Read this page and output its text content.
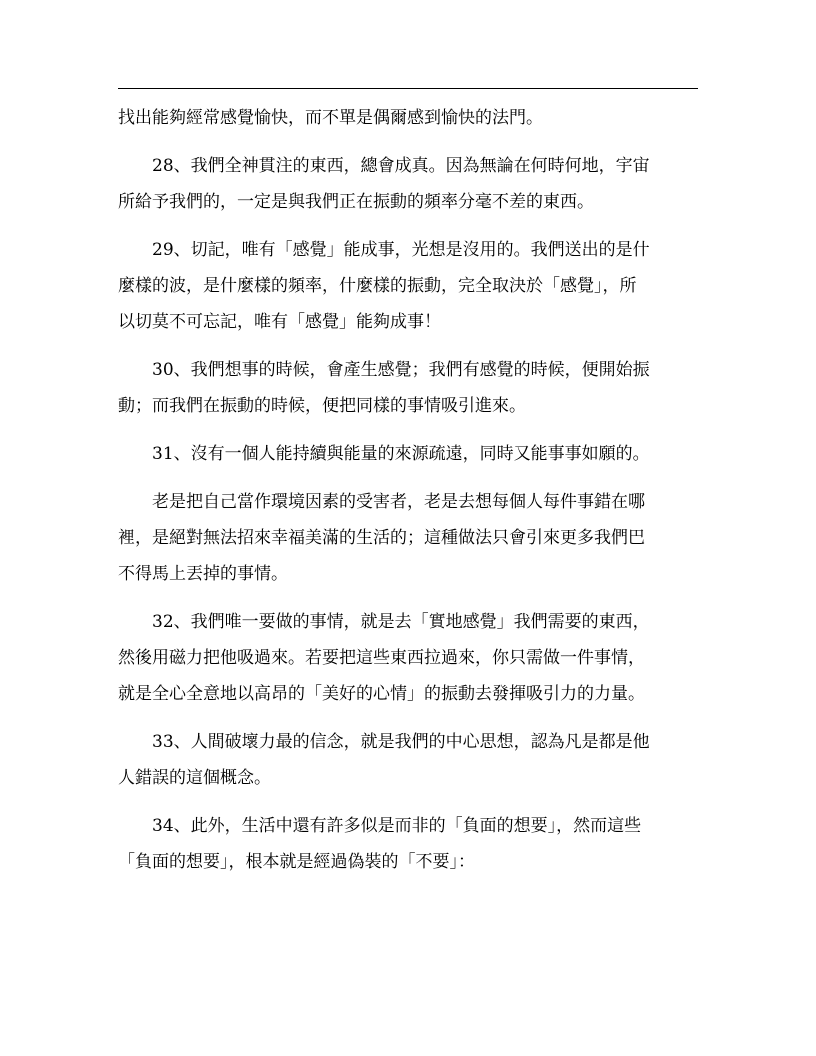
找出能夠經常感覺愉快，而不單是偶爾感到愉快的法門。

28、我們全神貫注的東西，總會成真。因為無論在何時何地，宇宙
所給予我們的，一定是與我們正在振動的頻率分毫不差的東西。

29、切記，唯有「感覺」能成事，光想是沒用的。我們送出的是什
麼樣的波，是什麼樣的頻率，什麼樣的振動，完全取決於「感覺」，所
以切莫不可忘記，唯有「感覺」能夠成事！

30、我們想事的時候，會產生感覺；我們有感覺的時候，便開始振
動；而我們在振動的時候，便把同樣的事情吸引進來。

31、沒有一個人能持續與能量的來源疏遠，同時又能事事如願的。

老是把自己當作環境因素的受害者，老是去想每個人每件事錯在哪
裡，是絕對無法招來幸福美滿的生活的；這種做法只會引來更多我們巴
不得馬上丟掉的事情。

32、我們唯一要做的事情，就是去「實地感覺」我們需要的東西，
然後用磁力把他吸過來。若要把這些東西拉過來，你只需做一件事情，
就是全心全意地以高昂的「美好的心情」的振動去發揮吸引力的力量。

33、人間破壞力最的信念，就是我們的中心思想，認為凡是都是他
人錯誤的這個概念。

34、此外，生活中還有許多似是而非的「負面的想要」，然而這些
「負面的想要」，根本就是經過偽裝的「不要」：
